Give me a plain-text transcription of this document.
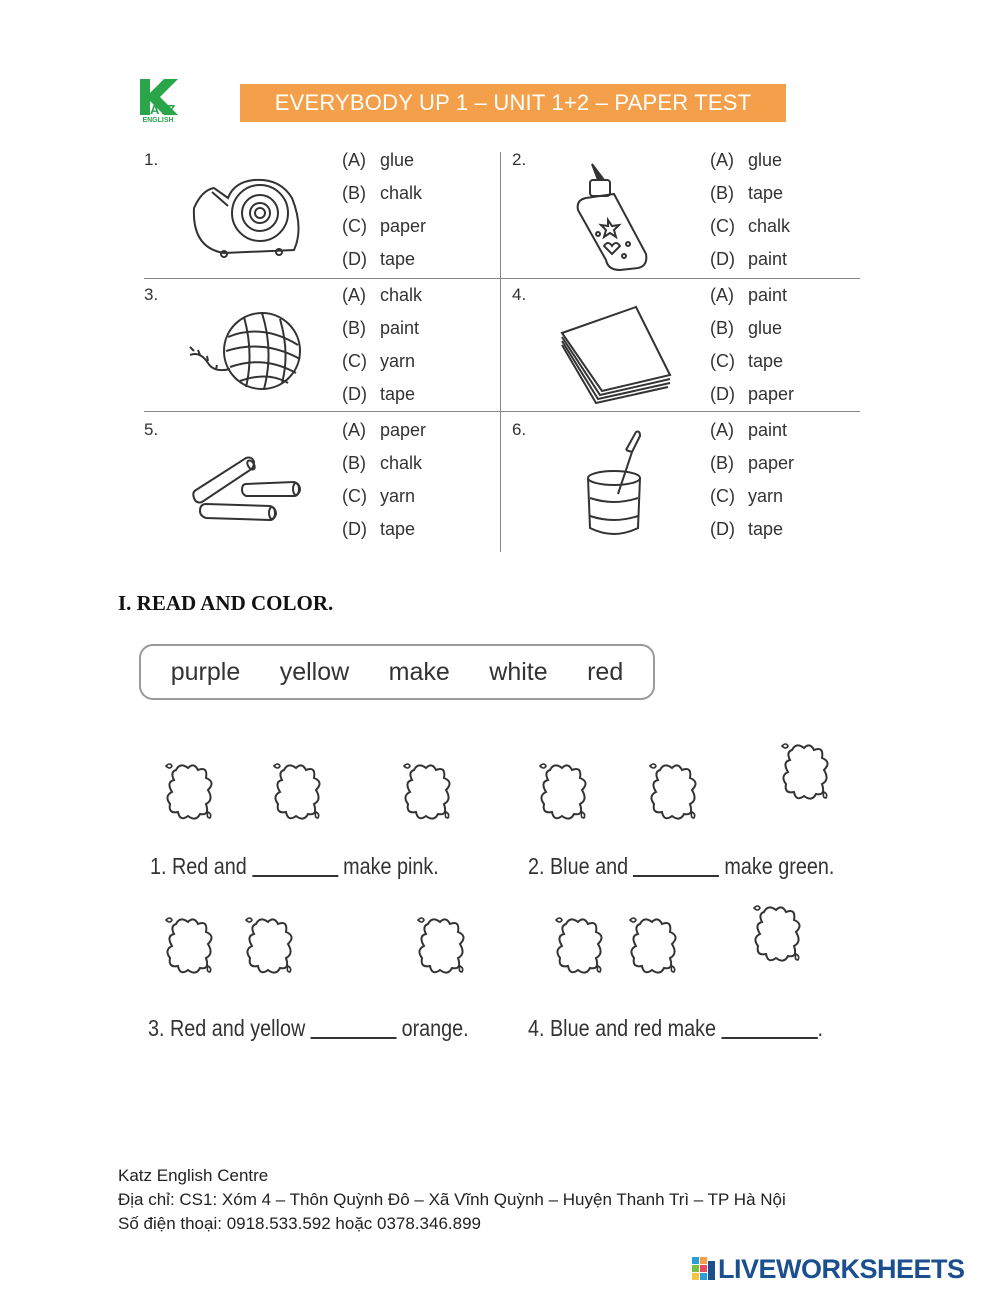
KATZ
ENGLISH
EVERYBODY UP 1 – UNIT 1+2 – PAPER TEST
1.	(A) glue
(B) chalk
(C) paper
(D) tape
2.	(A) glue
(B) tape
(C) chalk
(D) paint
3.	(A) chalk
(B) paint
(C) yarn
(D) tape
4.	(A) paint
(B) glue
(C) tape
(D) paper
5.	(A) paper
(B) chalk
(C) yarn
(D) tape
6.	(A) paint
(B) paper
(C) yarn
(D) tape
I. READ AND COLOR.
purple yellow make white red
1. Red and	make pink.	2. Blue and	make green.
3. Red and yellow	orange.	4. Blue and red make	.
Katz English Centre
Địa chỉ: CS1: Xóm 4 – Thôn Quỳnh Đô – Xã Vĩnh Quỳnh – Huyện Thanh Trì – TP Hà Nội
Số điện thoại: 0918.533.592 hoặc 0378.346.899
LIVEWORKSHEETS
